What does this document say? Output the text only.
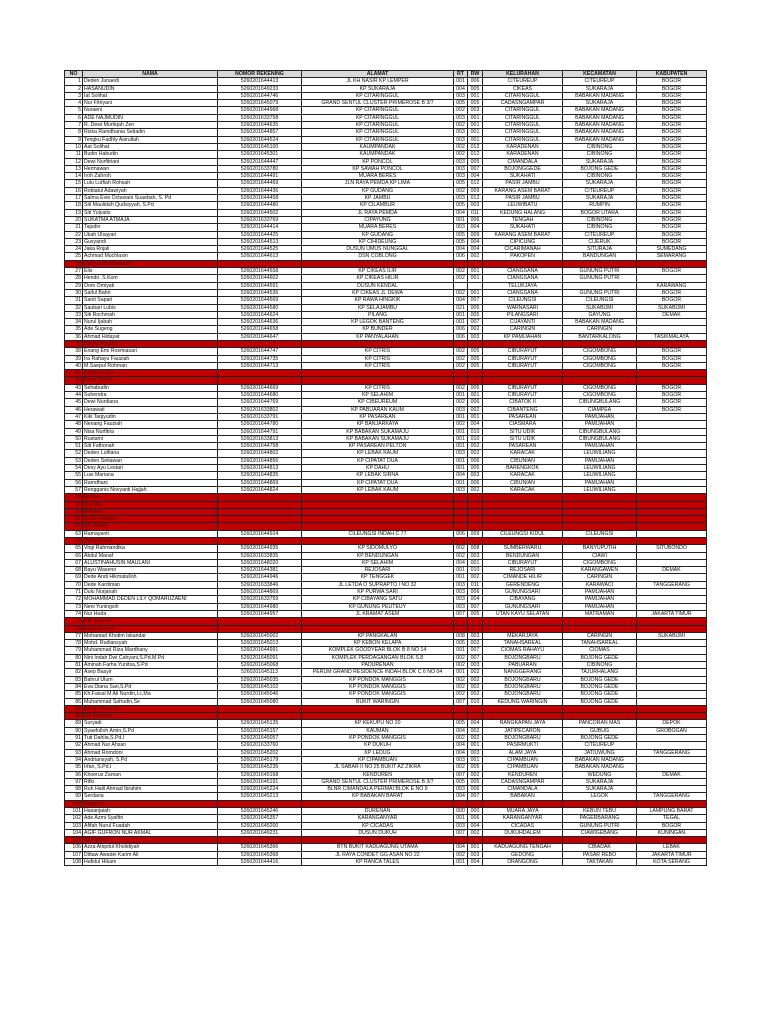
NO	NAMA	NOMOR REKENING	ALAMAT	RT	RW	KELURAHAN	KECAMATAN	KABUPATEN
1	Deden Junaedi	5260201644413	JL KH NASIR KP LEMPER	001	006	CITEUREUP	CITEUREUP	BOGOR
2	HASANUDIN	5260201649233	KP SUKARAJA	004	005	CIKEAS	SUKARAJA	BOGOR
3	Iat Solihat	5260201644746	KP CITARINGGUL	003	001	CITARINGGUL	BABAKAN MADANG	BOGOR
4	Nur Fitriyani	5260201645079	GRAND SENTUL CLUSTER PRIMEROSE B 3/7	005	005	CADASNGAMPAR	SUKARAJA	BOGOR
5	Nuraeni	5260201644968	KP CITARINGGUL	002	003	CITARINGGUL	BABAKAN MADANG	BOGOR
6	ADE NAJMUDIN	5260201633758	KP CITARINGGUL	003	001	CITARINGGUL	BABAKAN MADANG	BOGOR
7	R. Dewi Murtiqah Zen	5260201644635	KP CITARINGGUL	002	001	CITARINGGUL	BABAKAN MADANG	BOGOR
8	Rizka Ramdhania Setiadin	5260201644857	KP CITARINGGUL	003	001	CITARINGGUL	BABAKAN MADANG	BOGOR
9	Tengku Fadhly Asirullah	5260201644524	KP CITARINGGUL	003	001	CITARINGGUL	BABAKAN MADANG	BOGOR
10	Aat Solihat	5260201645100	KAUMPANDAK	002	012	KARADENAN	CIBINONG	BOGOR
11	Budin Habudin	5260201645301	KAUMPANDAK	002	012	KARADENAN	CIBINONG	BOGOR
12	Dewi Nurfitriani	5260201644447	KP PONCOL	003	005	CIMANDALA	SUKARAJA	BOGOR
13	Hermawan	5260201633780	KP SAWAH PONCOL	003	007	BOJONGGEDE	BOJONG GEDE	BOGOR
14	Iroh Zahroh	5260201644491	MUARA BERES	003	004	SUKAHATI	CIBINONG	BOGOR
15	Lulu Lutfiah Rohsah	5260201644469	JLN RAYA PEMDA KP LIMA	005	012	PASIR JAMBU	SUKARAJA	BOGOR
16	Robiatul Adawiyah	5260201644436	KP GUDANG	002	009	KARANG ASEM BARAT	CITEUREUP	BOGOR
17	Salma Evie Octaviani Suaebah, S. Pd	5260201644458	KP JAMBU	003	012	PASIR JAMBU	SUKARAJA	BOGOR
18	Siti Maulidah Qudsiyyah, S.Pd	5260201644480	KP CILAMBUR	005	003	LEUWIBATU	RUMPIN	BOGOR
19	Siti Yulyatis	5260201644502	JL RAYA PEMDA	004	011	KEDUNG HALANG	BOGOR UTARA	BOGOR
20	SUKATMA ATMAJA	5260201633769	CIPAYUNG	001	006	TENGAH	CIBINONG	BOGOR
21	Tajudin	5260201644414	MUARA BERES	003	004	SUKAHATI	CIBINONG	BOGOR
22	Ukah Ulsayari	5260201644425	KP GUDANG	005	009	KARANG ASEM BARAT	CITEUREUP	BOGOR
23	Gusyandi	5260201644513	KP CIHIDEUNG	005	004	CIPICUNG	CIJERUK	BOGOR
24	Jaka Rojali	5260201644525	DUSUN UMUS NUNGGAL	004	004	CICARIMANAH	SITURAJA	SUMEDANG
25	Achmad Muchlasin	5260201644613	DSN COBLONG	006	002	PAKOPEN	BANDUNGAN	SEMARANG
26	Cahyati Nurhasanah							
27	Elis	5260201644558	KP CIKEAS ILIR	002	001	CIANGSANA	GUNUNG PUTRI	BOGOR
28	Hendri. S.Kom	5260201644602	KP CIKEAS HILIR	002	001	CIANGSANA	GUNUNG PUTRI	
29	Oom Omiyati	5260201644591	DUSUN KENDAL			TELUKJAYA		KARAWANG
30	Saiful Bahri	5260201644536	KP CIKEAS JL DEWA	002	001	CIANGSANA	GUNUNG PUTRI	BOGOR
31	Santi Sapari	5260201644569	KP RAWA HINGKIK	004	007	CILEUNGSI	CILEUNGSI	BOGOR
32	Saubari Lubis	5260201644580	KP SELAJAMBU	021	005	WARNASARI	SUKABUMI	SUKABUMI
33	Siti Rochmah	5260201644624	PILANG	001	005	PILANGSARI	GAYUNG	DEMAK
34	Nurul Ijabah	5260201644636	KP LEGOK BANTENG	001	007	CIJAYANTI	BABAKAN MADANG	
35	Ade Sugeng	5260201644658	KP BUNDER	006	002	CARINGIN	CARINGIN	
36	Ahmad Hidayat	5260201644647	KP PANYALAHAN	006	003	KP PAMIJAHAN	BANTARKALONG	TASIKMALAYA
37	Dessy Puspita							
38	Enang Emi Rosmiasari	5260201644747	KP CITRIS	002	005	CIBURAYUT	CIGOMBONG	BOGOR
39	Ira Rahayu Fauziah	5260201644735	KP CITRIS	002	005	CIBURAYUT	CIGOMBONG	BOGOR
40	M.Saepul Rohman	5260201644713	KP CITRIS	002	005	CIBURAYUT	CIGOMBONG	BOGOR
41	Riska Amelia							
42	Rosa Dahlia							
43	Sehabudin	5260201644669	KP CITRIS	002	005	CIBURAYUT	CIGOMBONG	BOGOR
44	Suhendra	5260201644680	KP SELAHIM	001	001	CIBURAYUT	CIGOMBONG	BOGOR
45	Dewi Nurdiana	5260201644769	KP CIBEUREUM	002	006	CIBATOK II	CIBUNGBULANG	BOGOR
46	Herawati	5260201633802	KP PABUARAN KAUM	003	002	CIBANTENG	CIAMPEA	BOGOR
47	Kiki Taqiyudin	5260201633791	KP PASAREAN	001	001	PASAREAN	PAMIJAHAN	
48	Nenang Fauziah	5260201644780	KP BANJARKAYA	002	004	CIASMARA	PAMIJAHAN	
49	Nisa Nurfitria	5260201644791	KP BABAKAN SUKAMAJU	001	010	SITU UDIK	CIBUNGBULANG	
50	Rustami	5260201633813	KP BABAKAN SUKAMAJU	001	010	SITU UDIK	CIBUNGBULANG	
51	Siti Fathonah	5260201644758	KP PASAREAN PELTON	001	002	PASAREAN	PAMIJAHAN	
52	Deden Lutfiana	5260201644802	KP LEBAK KAUM	003	002	KARACAK	LEUWILIANG	
53	Deden Setiawan	5260201644856	KP CIPATAT DUA	001	006	CIBUNIAN	PAMIJAHAN	
54	Desy Ayu Lestari	5260201644813	KP DAHU	001	005	BARENGKOK	LEUWILIANG	
55	Lusi Mariana	5260201644835	KP LEBAK SIRNA	004	003	KARACAK	LEUWILIANG	
56	Ramdhani	5260201644869	KP CIPATAT DUA	001	006	CIBUNIAN	PAMIJAHAN	
57	Rengganis Novyanti Hajjah	5260201644824	KP LEBAK KAUM	003	002	KARACAK	LEUWILIANG	
58	Herlina							
59	Yusnita							
60	Rohaeni							
61	Nurul Hidayah							
62	Siti Aisyah							
63	Ramayanti	5260201644924	CILEUNGSI INDAH C 77	006	009	CILEUNGSI KIDUL	CILEUNGSI	
64	Dede Kurnia							
65	Virgi Rahmandika	5260201644935	KP SIDOMULYO	002	008	SUMBERWARU	BANYUPUTIH	SITUBONDO
66	Abdul Manaf	5260201633835	KP BENDUNGAN	002	003	BENDUNGAN	CIAWI	
67	ALUSTINAHUSIN MAULANI	5260201648020	KP SELAHIM	004	001	CIBURAYUT	CIGOMBONG	
68	Bayu Waseno	5260201644381	REJOSARI	001	010	REJOSARI	KARANGAWEN	DEMAK
69	Dede Andi Hikmatulloh	5260201644946	KP TENGGEK	001	002	CIMANDE HILIR	CARINGIN	
70	Dede Kardiman	5260201633846	JL LETDA O SUPRAPTO I NO 32	003	011	GERENDENG	KARAWACI	TANGGERANG
71	Dulu Nurjanah	5260201644869	KP PURWA SARI	003	006	GUNUNGSARI	PAMIJAHAN	
72	MOHAMMAD DEDEN LILY QOMARUZAENI	5260201633759	KP CIBAYANG SATU	003	004	CIBAYANG	PAMIJAHAN	
73	Neni Yuningsih	5260201644980	KP GUNUNG PEUTEUY	003	007	GUNUNGSARI	PAMIJAHAN	
74	Nur Huda	5260201644957	JL KRAMAT ASEM	007	005	UTAN KAYU SELATAN	MATRAMAN	JAKARTA TIMUR
75	Elis Suryani							
76	Enok Sulastri							
77	Mohamad Khotim Iskandar	5260201645002	KP PANGKALAN	008	003	MEKARJAYA	CARINGIN	SUKABUMI
78	Mohd. Rudiansyah	5260201645013	KP KEBON KELAPA	005	002	TANAHSAREAL	TANAHSAREAL	
79	Muhammad Riza Mardhany	5260201644991	KOMPLEK GOODYEAR BLOK B 8 NO 14	001	007	CIOMAS RAHAYU	CIOMAS	
80	Nini Indah Dwi Cahyani,S.Pd.M.Pd	5260201645091	KOMPLEK PERDAGANGAN BLOK S.8	002	007	BOJONGBARU	BOJONG GEDE	
81	Aminah Farha Yunitsa,S.Pd	5260201645068	PADURENAN	002	003	PABUARAN	CIBINONG	
82	Asep Basyir	5260201645113	PERUM GRAND RESIDENCE INDAH BLOK C 6 NO 04	001	002	NANGGERANG	TAJURHALANG	
83	Bahrul Ulum	5260201645035	KP PONDOK MANGGIS	002	002	BOJONGBARU	BOJONG GEDE	
84	Eva Diana Sari,S.Pd	5260201645102	KP PONDOK MANGGIS	002	002	BOJONGBARU	BOJONG GEDE	
85	Kh.Faisal M Ali Nurdin,Lc,Ma	5260201645046	KP PONDOK MANGGIS	002	002	BOJONGBARU	BOJONG GEDE	
86	Muhammad Safrudin,Se	5260201645080	BUKIT WARINGIN	007	010	KEDUNG WARINGIN	BOJONG GEDE	
87	Wiwin Winarsih							
88	Siti Khodijah							
89	Suryadi	5260201645135	KP KEKUPU NO 20	005	004	RANGKAPAN JAYA	PANCORAN MAS	DEPOK
90	Syaefulloh Amin,S.Pd	5260201645157	KAUMAN	004	002	JATIPECARON	GUBUG	GROBOGAN
91	Tuti Dahlia,S.Pd.I	5260201645057	KP PONDOK MANGGIS	002	002	BOJONGBARU	BOJONG GEDE	
92	Ahmad Nur Ahsan	5260201633760	KP DUKUH	004	001	PASIRMUKTI	CITEUREUP	
93	Ahmad Romdoni	5260201645202	KP LEDUG	004	003	ALAM JAYA	JATIUWUNG	TANGGERANG
94	Andriansyah, S.Pd	5260201645179	KP CIPAMBUAN	003	001	CIPAMBUAN	BABAKAN MADANG	
95	Irfan, S.Pd.I	5260201645235	JL SABAR II NO 25 BUKIT AZ ZIKRA	002	005	CIPAMBUAN	BABAKAN MADANG	
96	Khoerus Zaman	5260201645168	KENDUREN	007	002	KENDUREN	WEDUNG	DEMAK
97	Rifki	5260201645191	GRAND SENTUL CLUSTER PRIMEROSE B 3/7	005	005	CADASNGAMPAR	SUKARAJA	
98	Ruh Halil Ahmad Ibrahim	5260201645224	BLNR CIMANDALA PERMAI BLOK E NO 9	003	006	CIMANDALA	SUKARAJA	
99	Serdana	5260201645213	KP BABAKAN BARAT	004	007	BABAKAN	LEGOK	TANGGERANG
100	Nurjanah							
101	Hasanjaiah	5260201645246	DURENAN	000	000	MUARA JAYA	KEBUN TEBU	LAMPUNG BARAT
102	Ade Azmi Syafitri	5260201645357	KARANGANYAR	001	006	KARANGANYAR	PAGERBARANG	TEGAL
103	Afifah Nurul Fuadah	5260201645200	KP CICADAS	003	004	CICADAS	GUNUNG PUTRI	BOGOR
104	AGIF GUFRON NUR AKMAL	5260201649231	DUSUN DUKUH	007	002	DUKUHDALEM	CIAWIGEBANG	KUNINGAN
105	Ali Mansur							
106	Azza Atiqotul Kholidiyah	5260201645366	BTN BUKIT KADUAGUNG UTAMA	004	001	KADUAGUNG TENGAH	CIBADAK	LEBAK
107	Dittaw Awadei Karim Ali	5260201645368	JL RAYA CONDET GG ASAN NO 22	002	003	GEDONG	PASAR REBO	JAKARTA TIMUR
108	Hafidul Hikam	5260201644416	KP RANCA TALES	001	004	DRANGONG	TAKTAKAN	KOTA SERANG
